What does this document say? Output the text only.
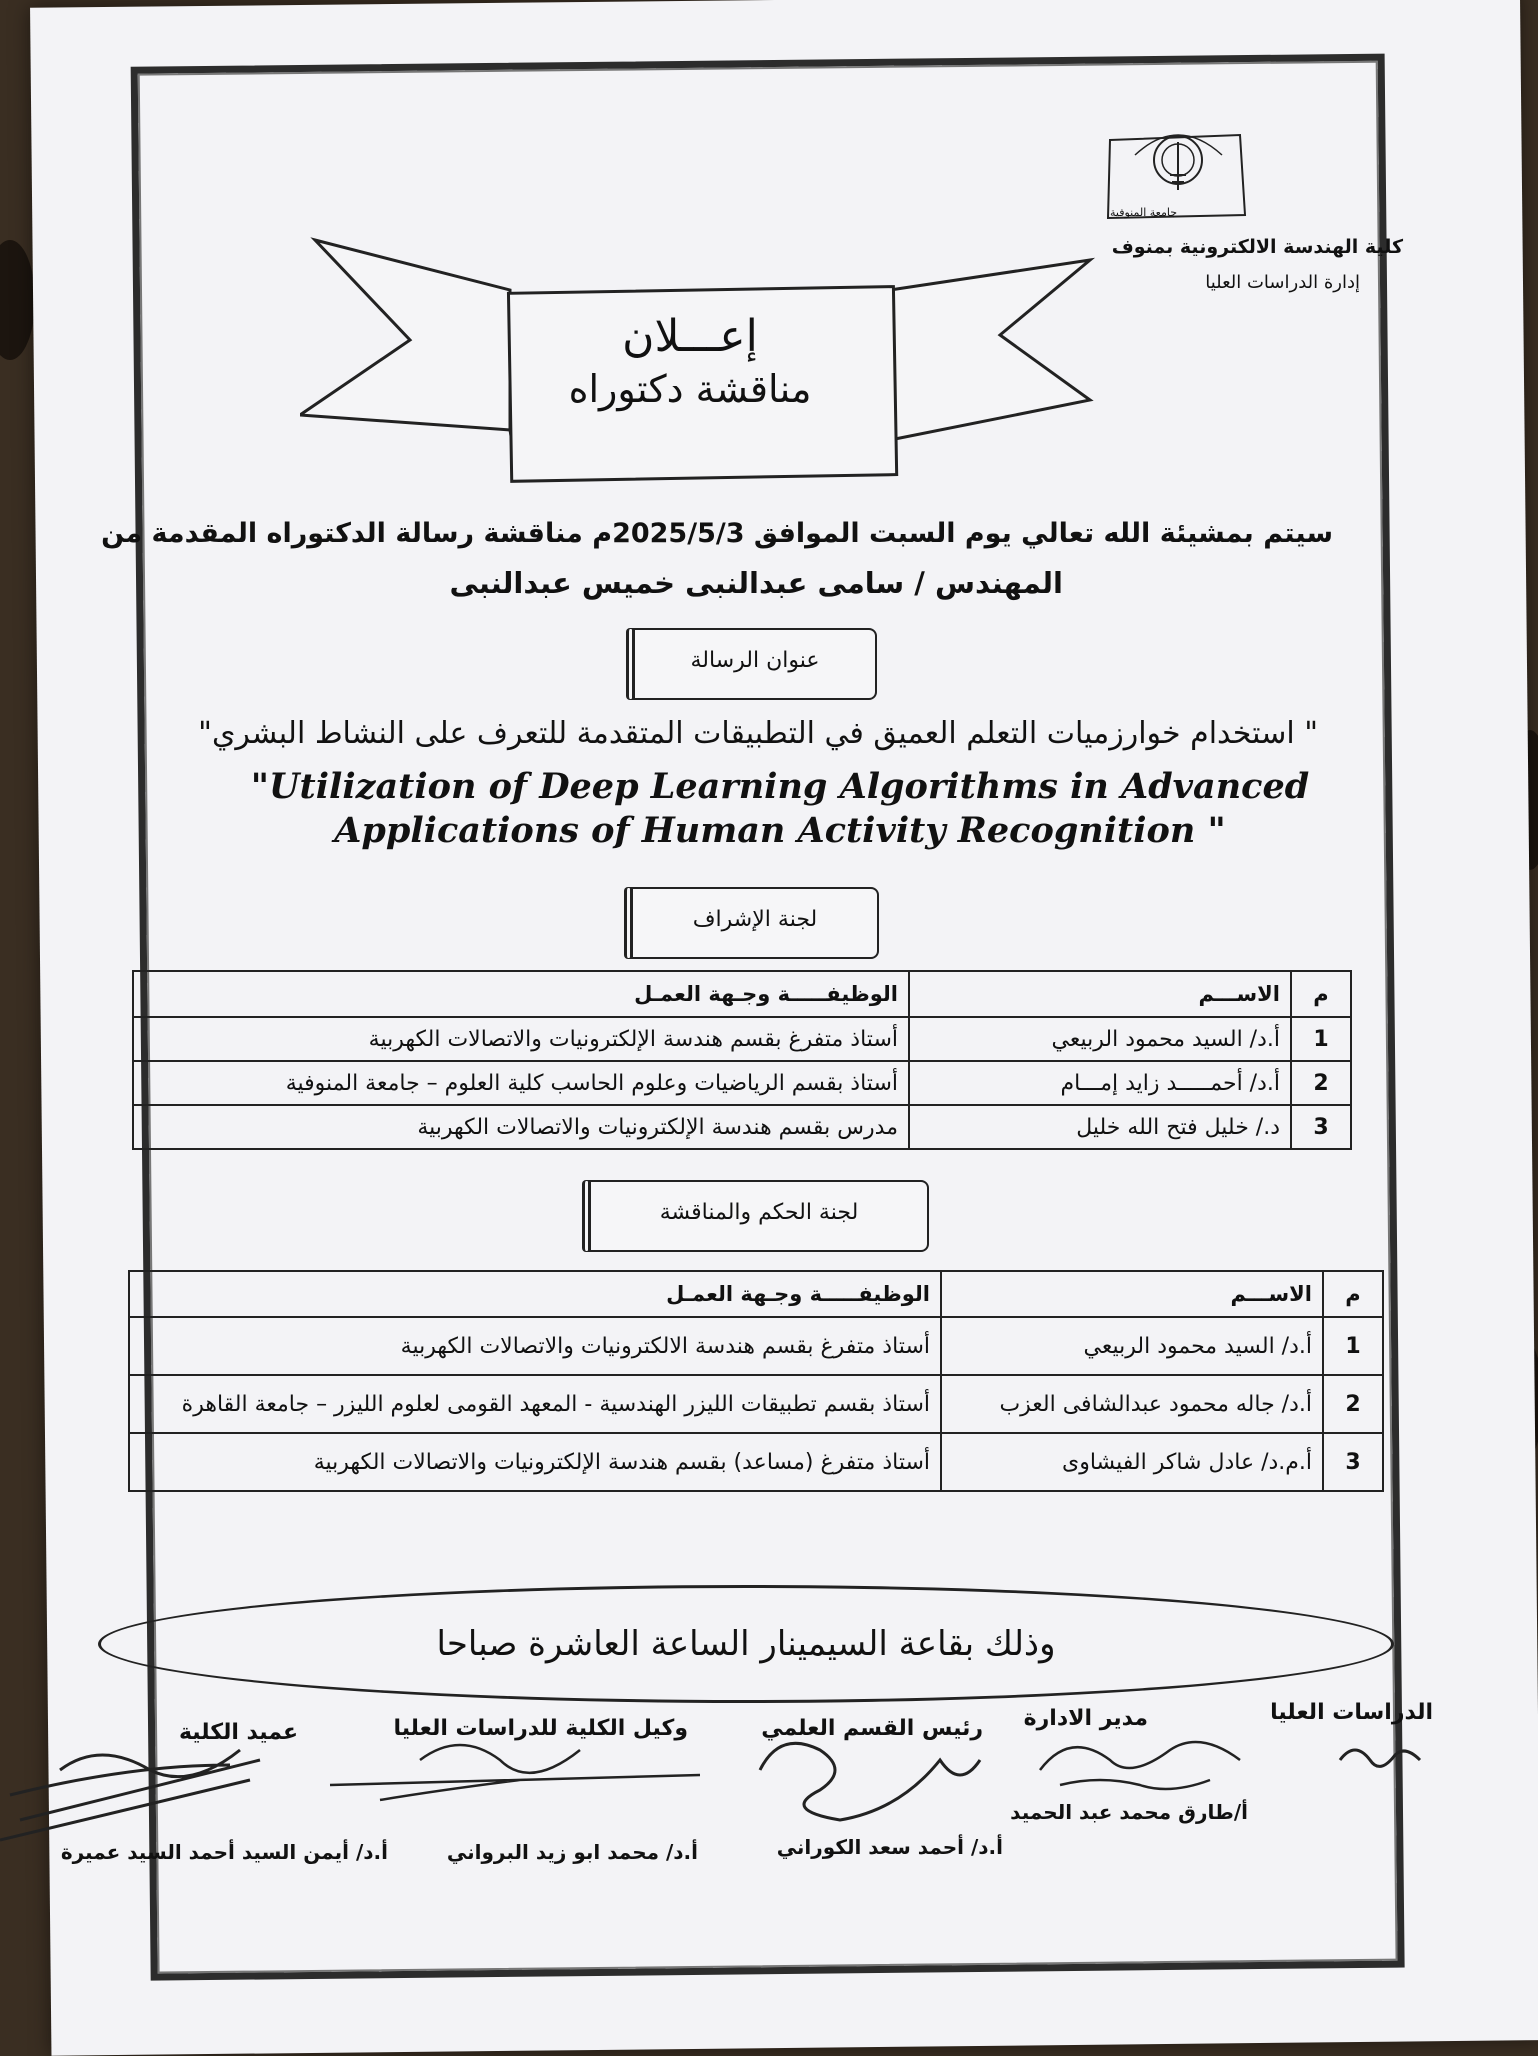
جامعة المنوفية
كلية الهندسة الالكترونية بمنوف
إدارة الدراسات العليا
إعـــلان
مناقشة دكتوراه
سيتم بمشيئة الله تعالي يوم السبت الموافق 2025/5/3م مناقشة رسالة الدكتوراه المقدمة من
المهندس / سامى عبدالنبى خميس عبدالنبى
عنوان الرسالة
" استخدام خوارزميات التعلم العميق في التطبيقات المتقدمة للتعرف على النشاط البشري"
"Utilization of Deep Learning Algorithms in Advanced Applications of Human Activity Recognition "
لجنة الإشراف
م	الاســـم	الوظيفـــــة وجـهة العمـل
1	أ.د/ السيد محمود الربيعي	أستاذ متفرغ بقسم هندسة الإلكترونيات والاتصالات الكهربية
2	أ.د/ أحمـــــد زايد إمـــام	أستاذ بقسم الرياضيات وعلوم الحاسب كلية العلوم – جامعة المنوفية
3	د./ خليل فتح الله خليل	مدرس بقسم هندسة الإلكترونيات والاتصالات الكهربية
لجنة الحكم والمناقشة
م	الاســـم	الوظيفـــــة وجـهة العمـل
1	أ.د/ السيد محمود الربيعي	أستاذ متفرغ بقسم هندسة الالكترونيات والاتصالات الكهربية
2	أ.د/ جاله محمود عبدالشافى العزب	أستاذ بقسم تطبيقات الليزر الهندسية - المعهد القومى لعلوم الليزر – جامعة القاهرة
3	أ.م.د/ عادل شاكر الفيشاوى	أستاذ متفرغ (مساعد) بقسم هندسة الإلكترونيات والاتصالات الكهربية
وذلك بقاعة السيمينار الساعة العاشرة صباحا
الدراسات العليا
مدير الادارة
رئيس القسم العلمي
وكيل الكلية للدراسات العليا
عميد الكلية
أ/طارق محمد عبد الحميد
أ.د/ أحمد سعد الكوراني
أ.د/ محمد ابو زيد البرواني
أ.د/ أيمن السيد أحمد السيد عميرة
